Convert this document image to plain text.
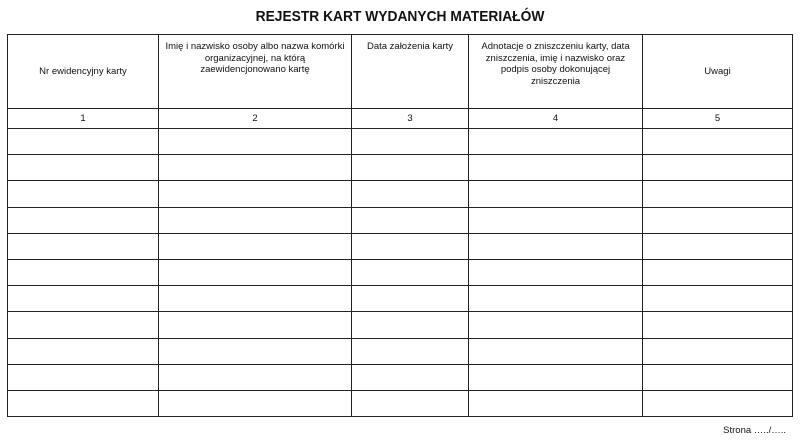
REJESTR KART WYDANYCH MATERIAŁÓW
Nr ewidencyjny karty	Imię i nazwisko osoby albo nazwa komórki organizacyjnej, na którą zaewidencjonowano kartę	Data założenia karty	Adnotacje o zniszczeniu karty, data zniszczenia, imię i nazwisko oraz podpis osoby dokonującej zniszczenia	Uwagi
1	2	3	4	5

Strona …../…..
